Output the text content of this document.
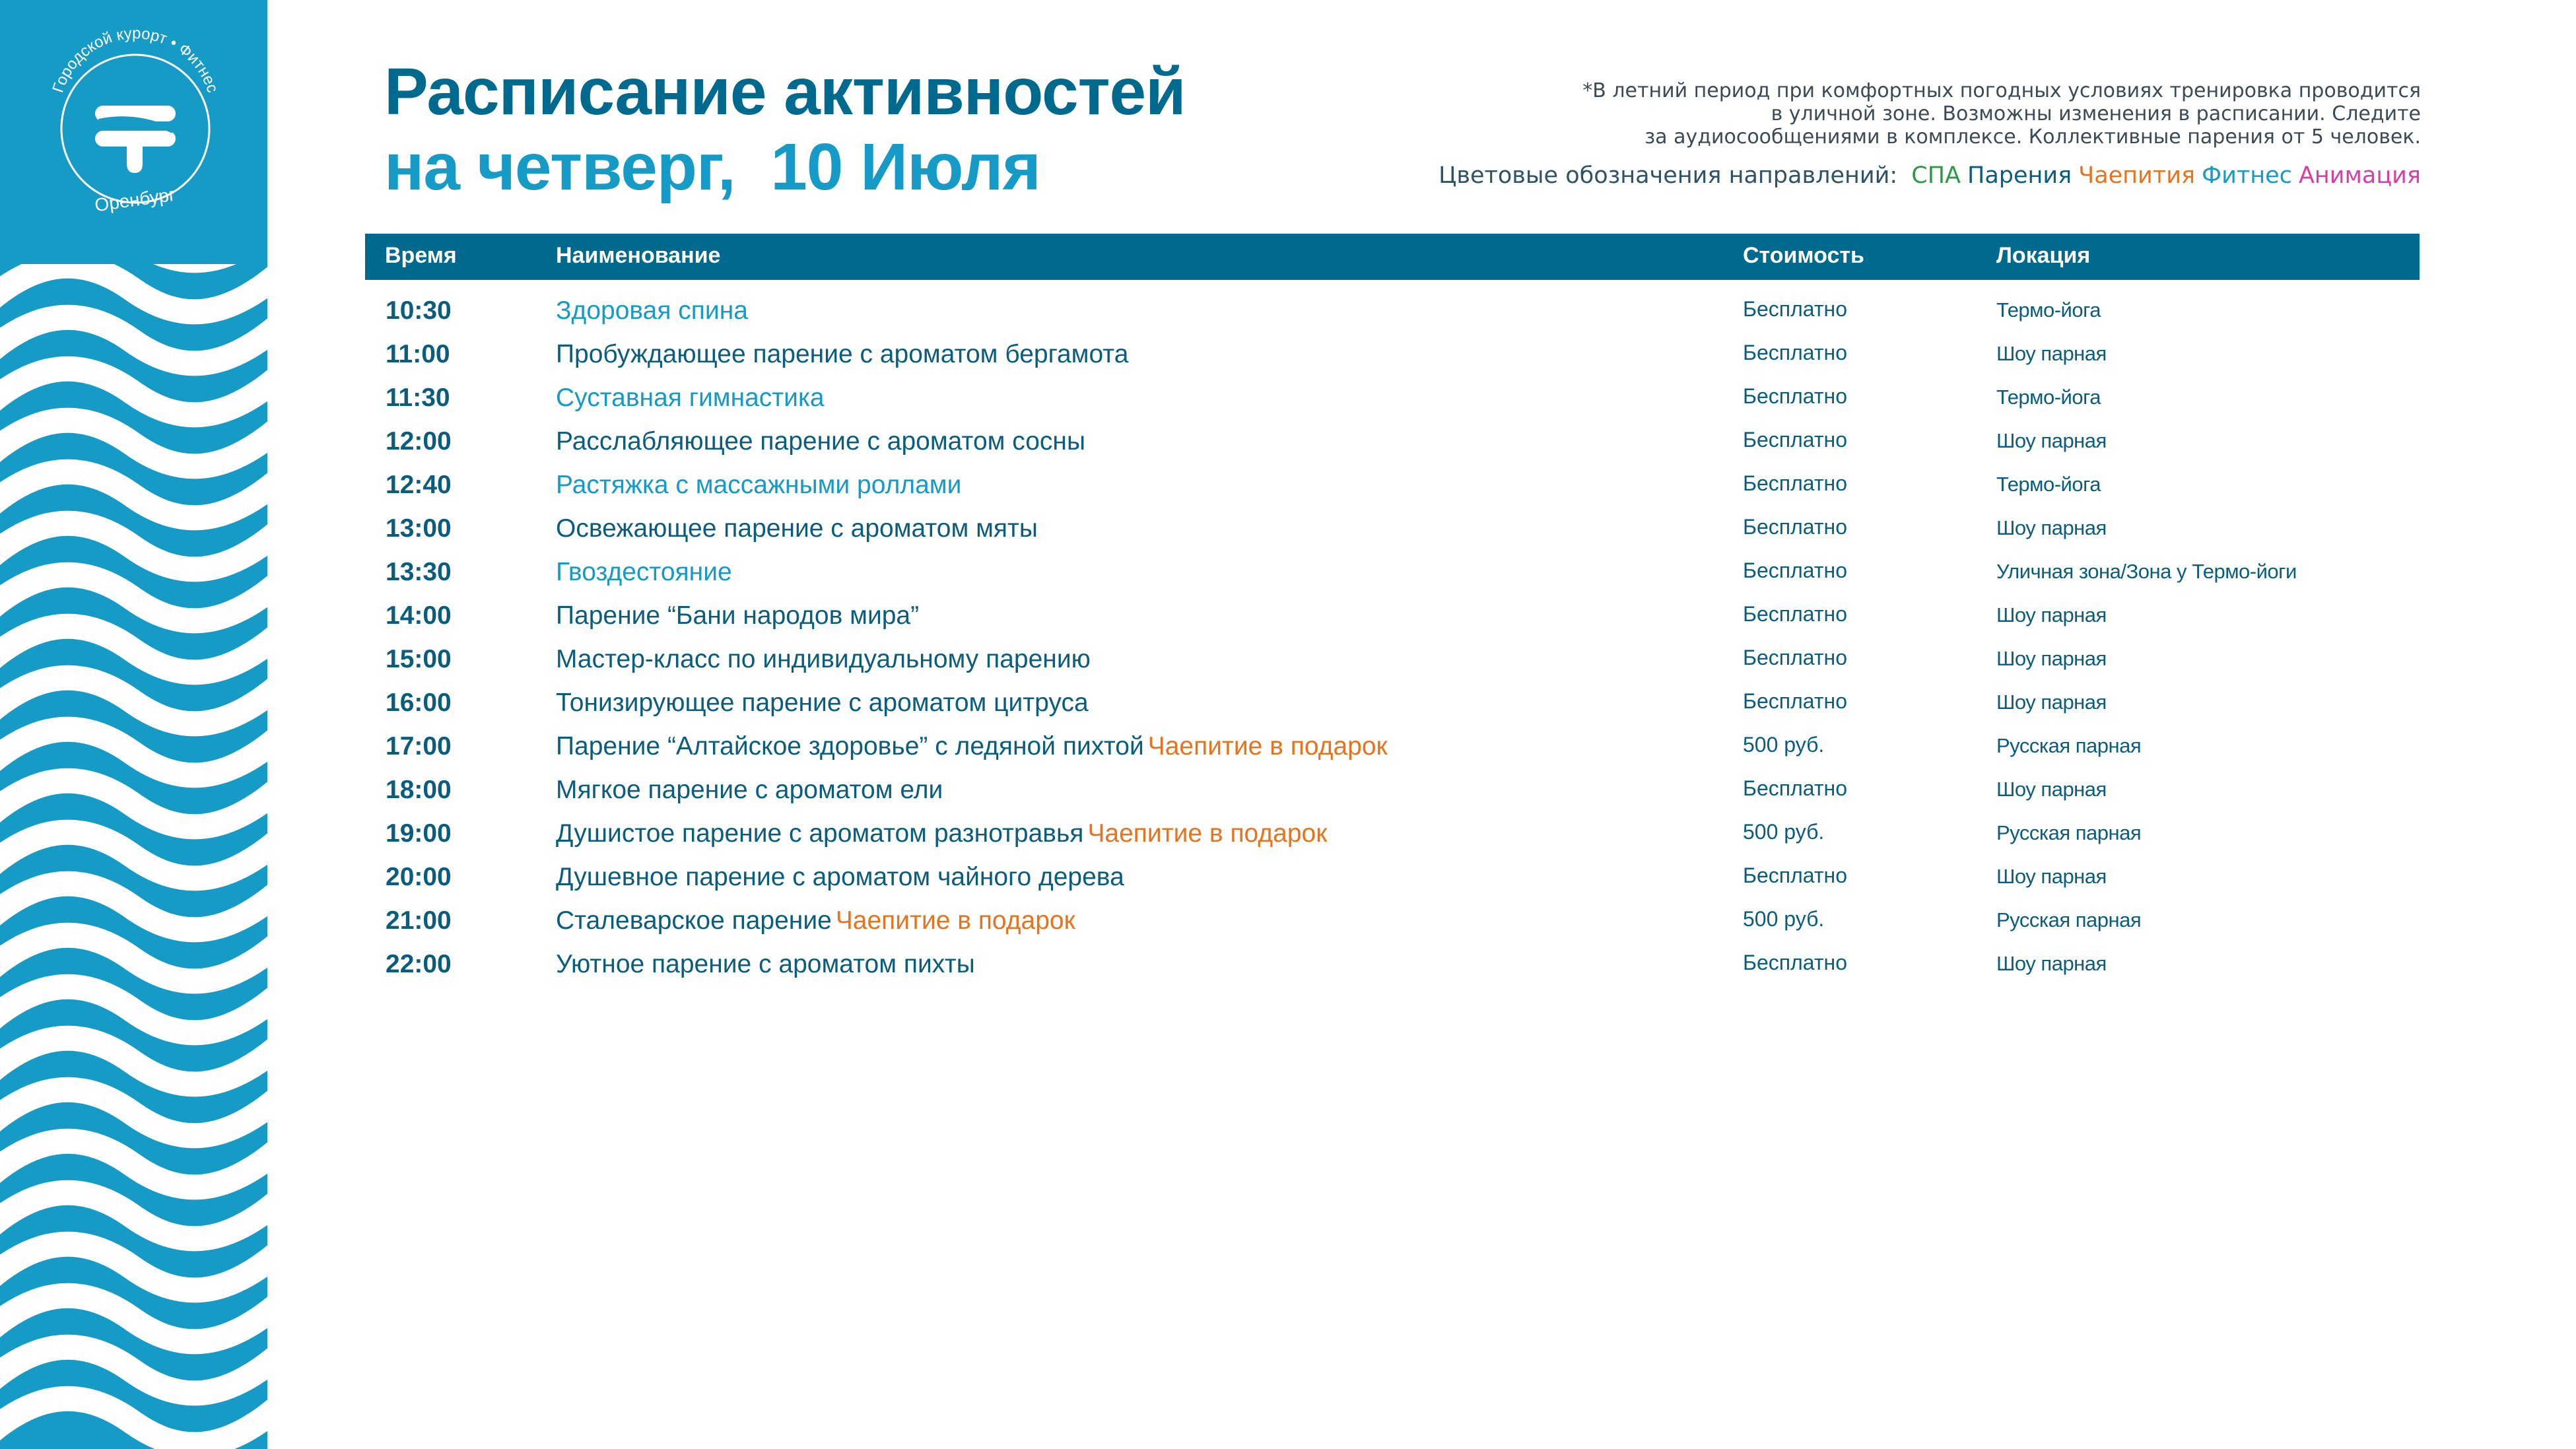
Городской курорт • Фитнес
Оренбург
Расписание активностей
на четверг,  10 Июля
*В летний период при комфортных погодных условиях тренировка проводится
в уличной зоне. Возможны изменения в расписании. Следите
за аудиосообщениями в комплексе. Коллективные парения от 5 человек.
Цветовые обозначения направлений: СПА Парения Чаепития Фитнес Анимация
Время	Наименование	Стоимость	Локация
10:30	Здоровая спина	Бесплатно	Термо-йога
11:00	Пробуждающее парение с ароматом бергамота	Бесплатно	Шоу парная
11:30	Суставная гимнастика	Бесплатно	Термо-йога
12:00	Расслабляющее парение с ароматом сосны	Бесплатно	Шоу парная
12:40	Растяжка с массажными роллами	Бесплатно	Термо-йога
13:00	Освежающее парение с ароматом мяты	Бесплатно	Шоу парная
13:30	Гвоздестояние	Бесплатно	Уличная зона/Зона у Термо-йоги
14:00	Парение “Бани народов мира”	Бесплатно	Шоу парная
15:00	Мастер-класс по индивидуальному парению	Бесплатно	Шоу парная
16:00	Тонизирующее парение с ароматом цитруса	Бесплатно	Шоу парная
17:00	Парение “Алтайское здоровье” с ледяной пихтой Чаепитие в подарок	500 руб.	Русская парная
18:00	Мягкое парение с ароматом ели	Бесплатно	Шоу парная
19:00	Душистое парение с ароматом разнотравья Чаепитие в подарок	500 руб.	Русская парная
20:00	Душевное парение с ароматом чайного дерева	Бесплатно	Шоу парная
21:00	Сталеварское парение Чаепитие в подарок	500 руб.	Русская парная
22:00	Уютное парение с ароматом пихты	Бесплатно	Шоу парная
